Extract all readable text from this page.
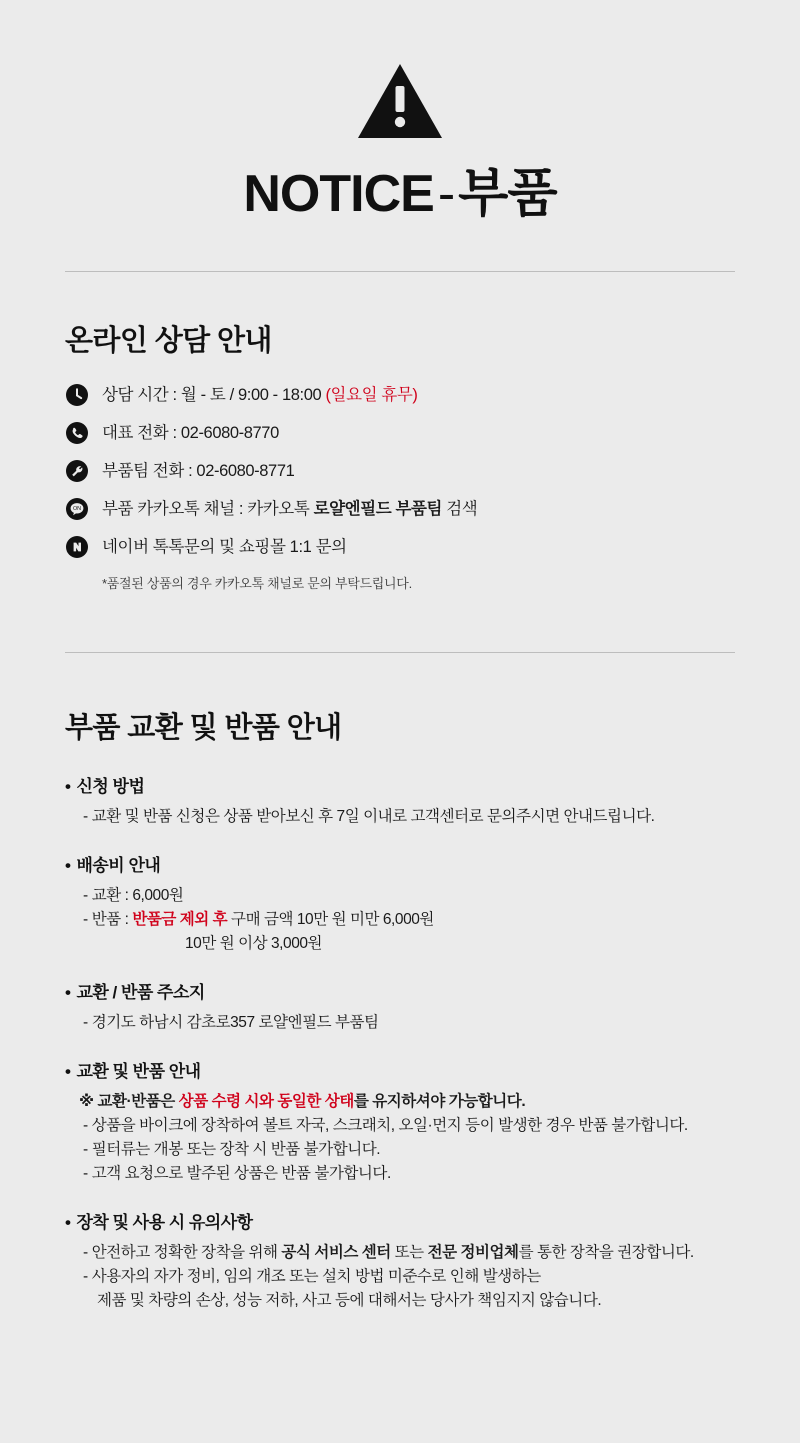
NOTICE-부품
온라인 상담 안내
상담 시간 : 월 - 토 / 9:00 - 18:00 (일요일 휴무)
대표 전화 : 02-6080-8770
부품팀 전화 : 02-6080-8771
ON 부품 카카오톡 채널 : 카카오톡 로얄엔필드 부품팀 검색
네이버 톡톡문의 및 쇼핑몰 1:1 문의
*품절된 상품의 경우 카카오톡 채널로 문의 부탁드립니다.
부품 교환 및 반품 안내
• 신청 방법
- 교환 및 반품 신청은 상품 받아보신 후 7일 이내로 고객센터로 문의주시면 안내드립니다.
• 배송비 안내
- 교환 : 6,000원
- 반품 : 반품금 제외 후 구매 금액 10만 원 미만 6,000원
10만 원 이상 3,000원
• 교환 / 반품 주소지
- 경기도 하남시 감초로357 로얄엔필드 부품팀
• 교환 및 반품 안내
※ 교환·반품은 상품 수령 시와 동일한 상태를 유지하셔야 가능합니다.
- 상품을 바이크에 장착하여 볼트 자국, 스크래치, 오일·먼지 등이 발생한 경우 반품 불가합니다.
- 필터류는 개봉 또는 장착 시 반품 불가합니다.
- 고객 요청으로 발주된 상품은 반품 불가합니다.
• 장착 및 사용 시 유의사항
- 안전하고 정확한 장착을 위해 공식 서비스 센터 또는 전문 정비업체를 통한 장착을 권장합니다.
- 사용자의 자가 정비, 임의 개조 또는 설치 방법 미준수로 인해 발생하는
제품 및 차량의 손상, 성능 저하, 사고 등에 대해서는 당사가 책임지지 않습니다.
